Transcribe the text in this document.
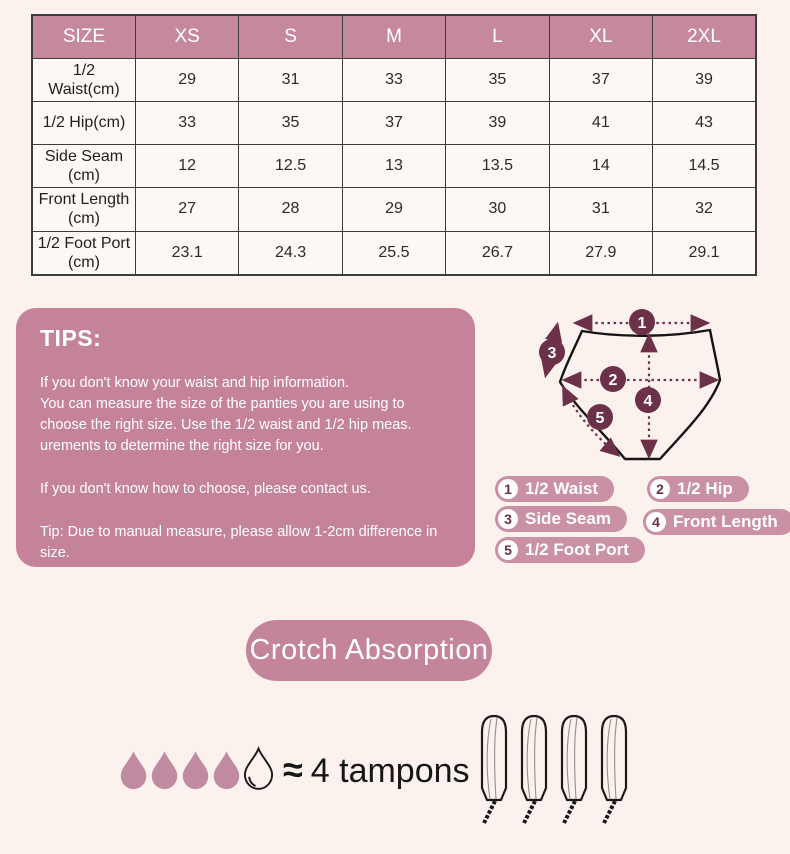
SIZE	XS	S	M	L	XL	2XL
1/2 Waist(cm)	29	31	33	35	37	39
1/2 Hip(cm)	33	35	37	39	41	43
Side Seam (cm)	12	12.5	13	13.5	14	14.5
Front Length (cm)	27	28	29	30	31	32
1/2 Foot Port (cm)	23.1	24.3	25.5	26.7	27.9	29.1
TIPS:

If you don't know your waist and hip information.

You can measure the size of the panties you are using to choose the right size. Use the 1/2 waist and 1/2 hip meas. urements to determine the right size for you.

If you don't know how to choose, please contact us.

Tip: Due to manual measure, please allow 1-2cm difference in size.

1
2
3
4
5
1 1/2 Waist	2 1/2 Hip
3 Side Seam	4 Front Length
5 1/2 Foot Port
Crotch Absorption
≈ 4 tampons
